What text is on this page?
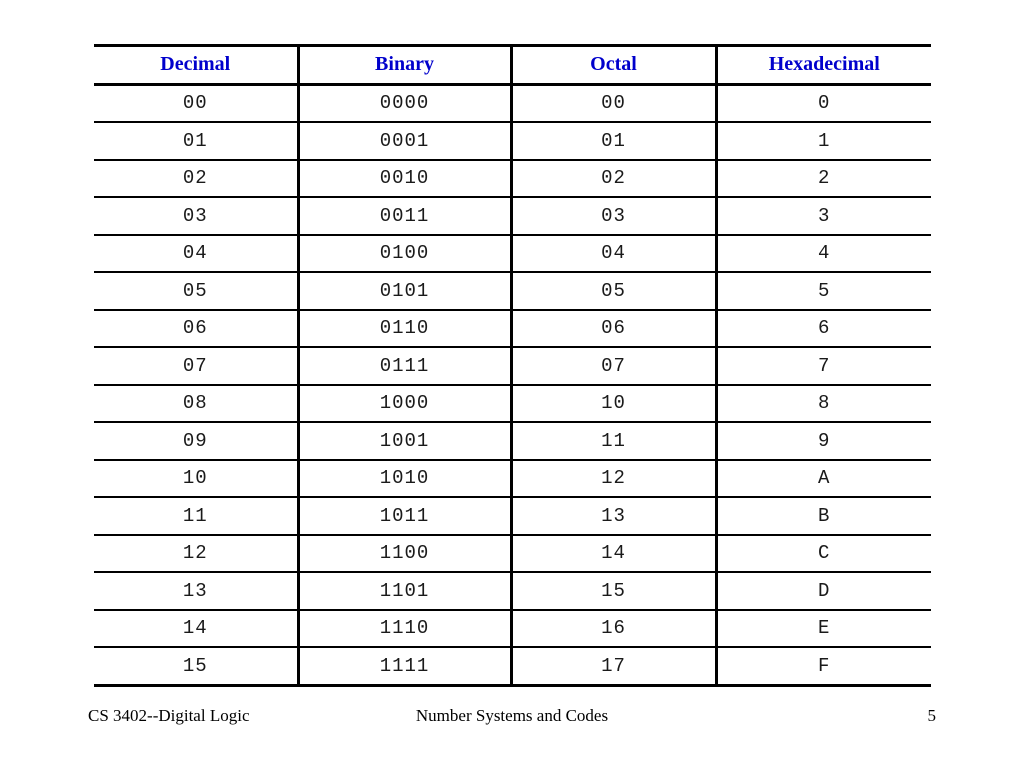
Decimal	Binary	Octal	Hexadecimal
00	0000	00	0
01	0001	01	1
02	0010	02	2
03	0011	03	3
04	0100	04	4
05	0101	05	5
06	0110	06	6
07	0111	07	7
08	1000	10	8
09	1001	11	9
10	1010	12	A
11	1011	13	B
12	1100	14	C
13	1101	15	D
14	1110	16	E
15	1111	17	F
CS 3402--Digital Logic	Number Systems and Codes	5
